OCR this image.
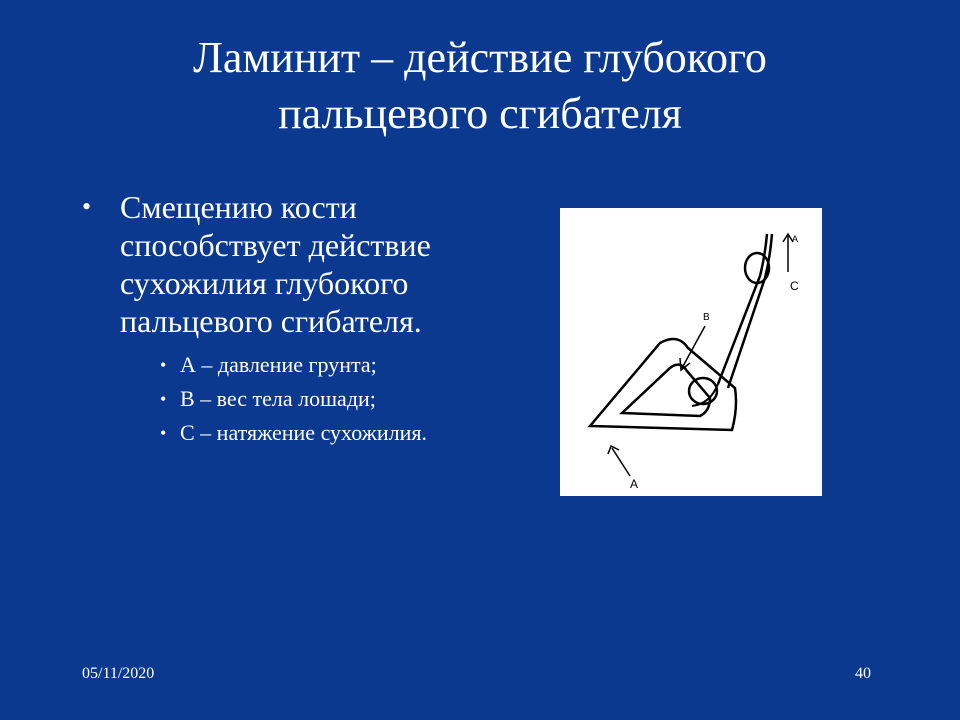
Ламинит – действие глубокого
пальцевого сгибателя
• Смещению кости способствует действие сухожилия глубокого пальцевого сгибателя.
• А – давление грунта;
• В – вес тела лошади;
• С – натяжение сухожилия.
A
C
B
A
05/11/2020	40
